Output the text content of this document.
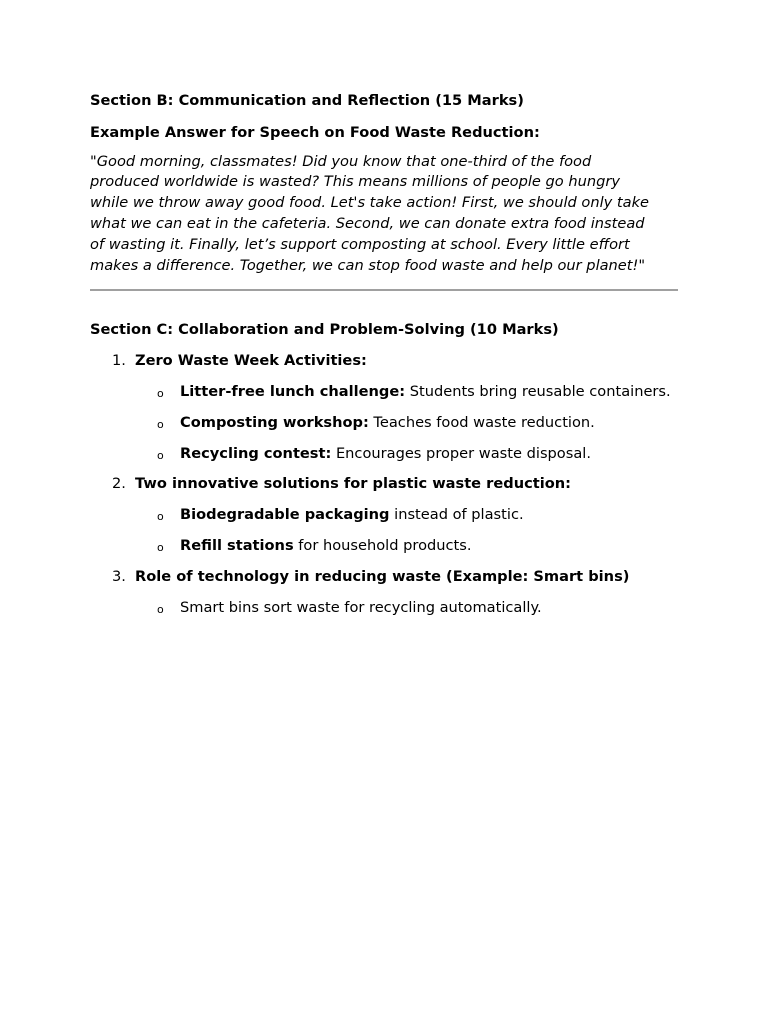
Section B: Communication and Reflection (15 Marks)

Example Answer for Speech on Food Waste Reduction:

"Good morning, classmates! Did you know that one-third of the food
produced worldwide is wasted? This means millions of people go hungry
while we throw away good food. Let's take action! First, we should only take
what we can eat in the cafeteria. Second, we can donate extra food instead
of wasting it. Finally, let’s support composting at school. Every little effort
makes a difference. Together, we can stop food waste and help our planet!"

Section C: Collaboration and Problem-Solving (10 Marks)

1. Zero Waste Week Activities:
o Litter-free lunch challenge: Students bring reusable containers.
o Composting workshop: Teaches food waste reduction.
o Recycling contest: Encourages proper waste disposal.
2. Two innovative solutions for plastic waste reduction:
o Biodegradable packaging instead of plastic.
o Refill stations for household products.
3. Role of technology in reducing waste (Example: Smart bins)
o Smart bins sort waste for recycling automatically.
